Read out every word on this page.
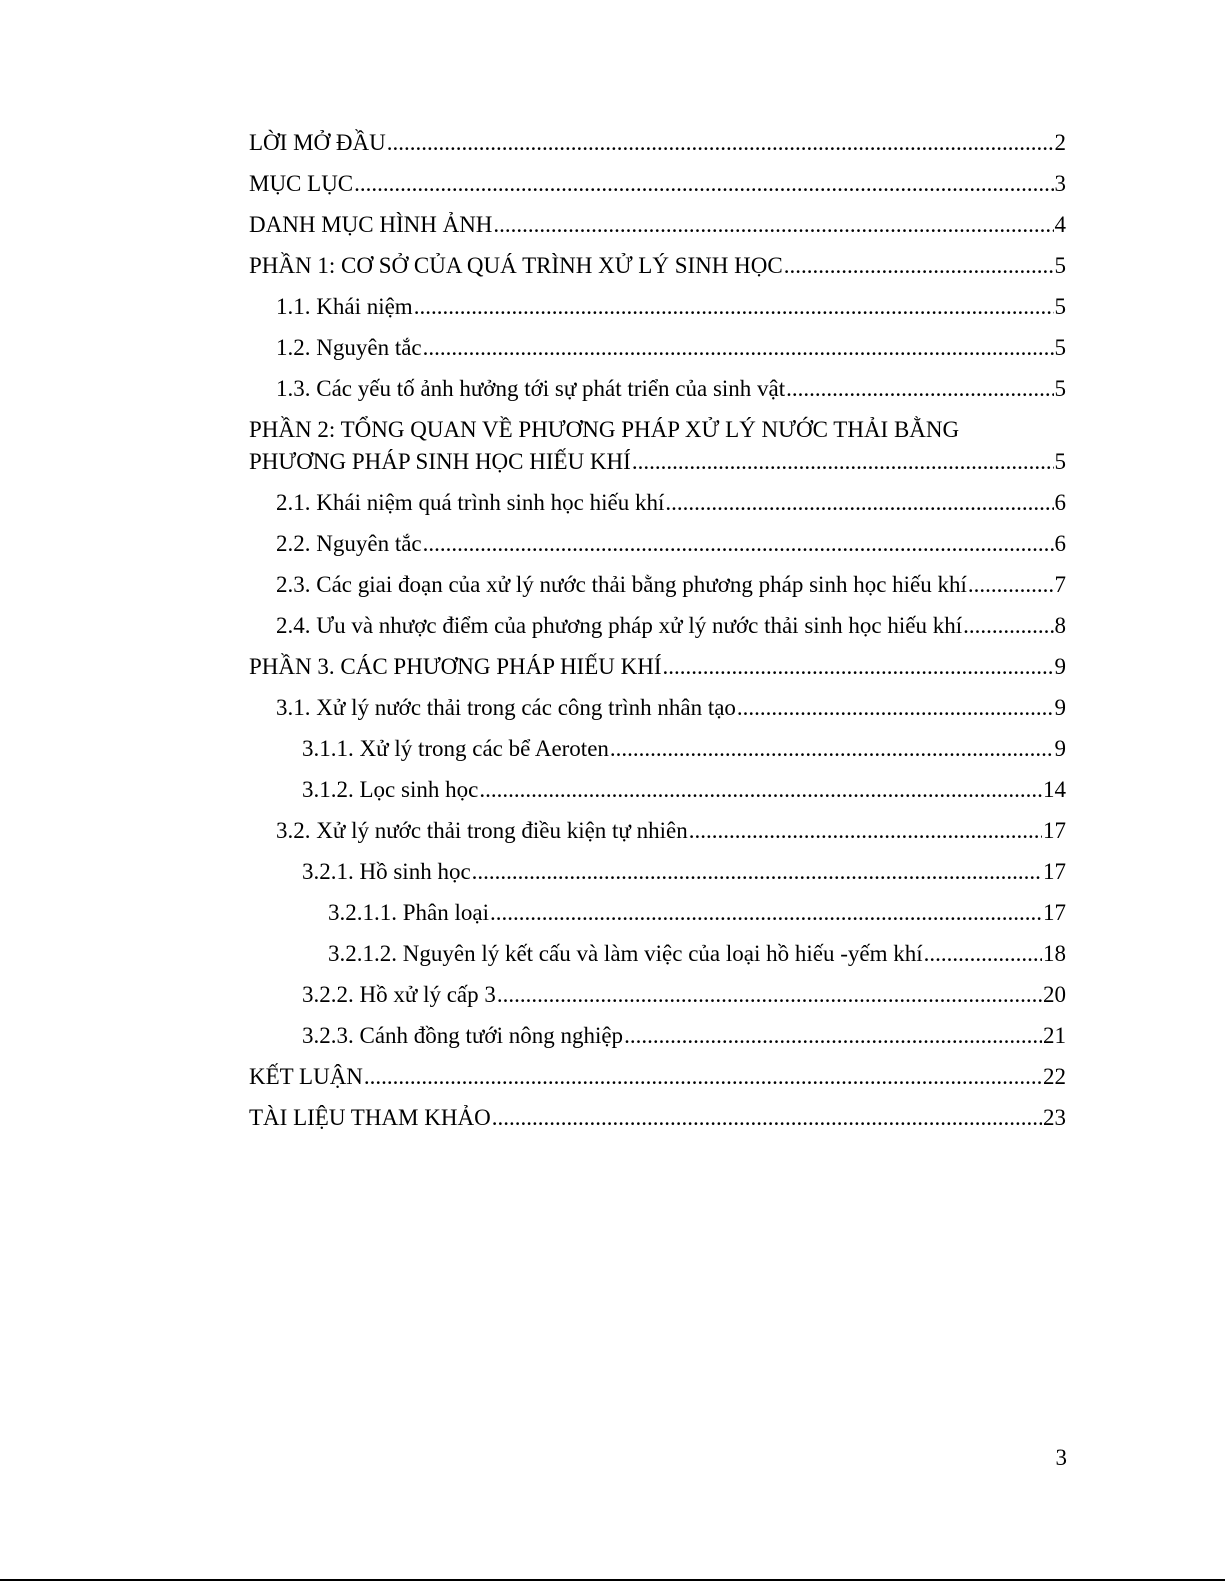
LỜI MỞ ĐẦU .....	2
MỤC LỤC .....	3
DANH MỤC HÌNH ẢNH .....	4
PHẦN 1: CƠ SỞ CỦA QUÁ TRÌNH XỬ LÝ SINH HỌC .....	5
1.1. Khái niệm .....	5
1.2. Nguyên tắc .....	5
1.3. Các yếu tố ảnh hưởng tới sự phát triển của sinh vật .....	5
PHẦN 2: TỔNG QUAN VỀ PHƯƠNG PHÁP XỬ LÝ NƯỚC THẢI BẰNG
PHƯƠNG PHÁP SINH HỌC HIẾU KHÍ .....	5
2.1. Khái niệm quá trình sinh học hiếu khí .....	6
2.2. Nguyên tắc .....	6
2.3. Các giai đoạn của xử lý nước thải bằng phương pháp sinh học hiếu khí .....	7
2.4. Ưu và nhược điểm của phương pháp xử lý nước thải sinh học hiếu khí .....	8
PHẦN 3. CÁC PHƯƠNG PHÁP HIẾU KHÍ .....	9
3.1. Xử lý nước thải trong các công trình nhân tạo .....	9
3.1.1. Xử lý trong các bể Aeroten .....	9
3.1.2. Lọc sinh học .....	14
3.2. Xử lý nước thải trong điều kiện tự nhiên .....	17
3.2.1. Hồ sinh học .....	17
3.2.1.1. Phân loại .....	17
3.2.1.2. Nguyên lý kết cấu và làm việc của loại hồ hiếu -yếm khí .....	18
3.2.2. Hồ xử lý cấp 3 .....	20
3.2.3. Cánh đồng tưới nông nghiệp .....	21
KẾT LUẬN .....	22
TÀI LIỆU THAM KHẢO .....	23
3
